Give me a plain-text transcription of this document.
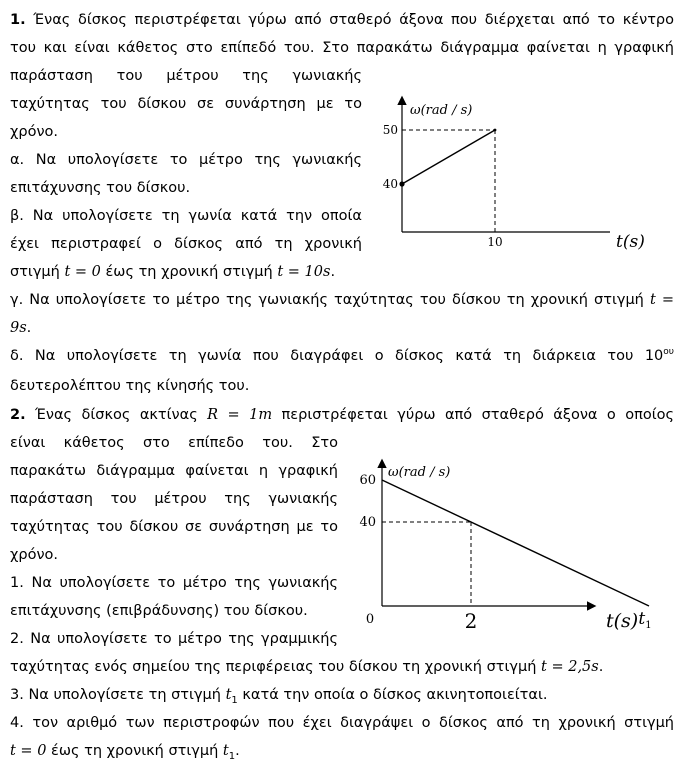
1. Ένας δίσκος περιστρέφεται γύρω από σταθερό άξονα που διέρχεται από το κέντρο
του και είναι κάθετος στο επίπεδό του. Στο παρακάτω διάγραμμα φαίνεται η γραφική
παράσταση του μέτρου της γωνιακής
ταχύτητας του δίσκου σε συνάρτηση με το
χρόνο.
α. Να υπολογίσετε το μέτρο της γωνιακής
επιτάχυνσης του δίσκου.
β. Να υπολογίσετε τη γωνία κατά την οποία
έχει περιστραφεί ο δίσκος από τη χρονική
στιγμή t = 0 έως τη χρονική στιγμή t = 10s.
γ. Να υπολογίσετε το μέτρο της γωνιακής ταχύτητας του δίσκου τη χρονική στιγμή t =
9s.
δ. Να υπολογίσετε τη γωνία που διαγράφει ο δίσκος κατά τη διάρκεια του $10^{o\upsilon}$
δευτερολέπτου της κίνησής του.
ω(rad / s)
t(s)
40
50
10
2. Ένας δίσκος ακτίνας R = 1m περιστρέφεται γύρω από σταθερό άξονα ο οποίος
είναι κάθετος στο επίπεδο του. Στο
παρακάτω διάγραμμα φαίνεται η γραφική
παράσταση του μέτρου της γωνιακής
ταχύτητας του δίσκου σε συνάρτηση με το
χρόνο.
1. Να υπολογίσετε το μέτρο της γωνιακής
επιτάχυνσης (επιβράδυνσης) του δίσκου.
2. Να υπολογίσετε το μέτρο της γραμμικής
ταχύτητας ενός σημείου της περιφέρειας του δίσκου τη χρονική στιγμή t = 2,5s.
3. Να υπολογίσετε τη στιγμή $t_1$ κατά την οποία ο δίσκος ακινητοποιείται.
4. τον αριθμό των περιστροφών που έχει διαγράψει ο δίσκος από τη χρονική στιγμή
t = 0 έως τη χρονική στιγμή $t_1$.
ω(rad / s)
t(s)
60
40
0	2	$t_1$
